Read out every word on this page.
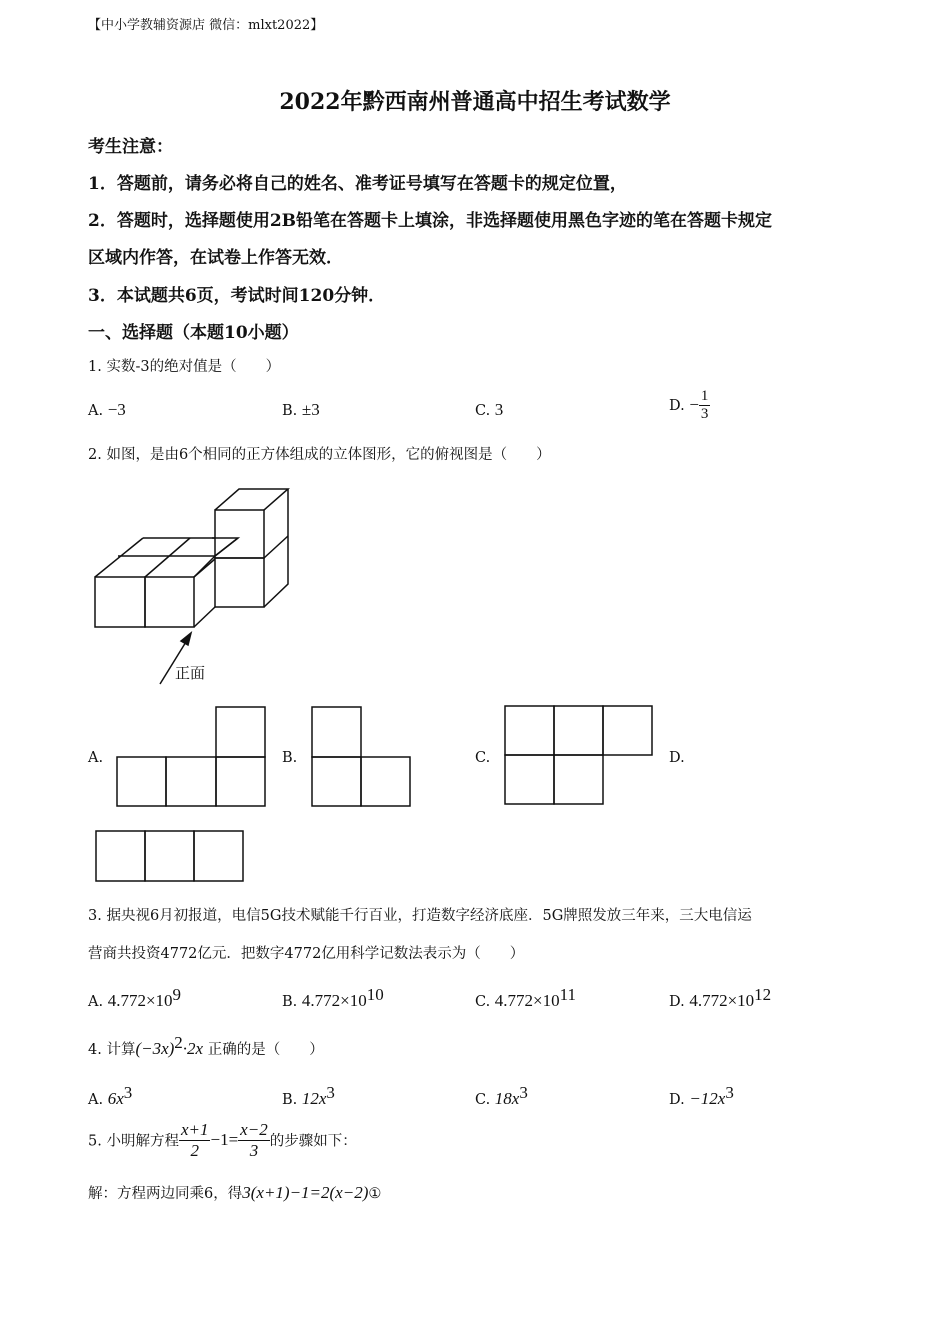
【中小学教辅资源店 微信：mlxt2022】
2022年黔西南州普通高中招生考试数学
考生注意：
1．答题前，请务必将自己的姓名、准考证号填写在答题卡的规定位置，
2．答题时，选择题使用2B铅笔在答题卡上填涂，非选择题使用黑色字迹的笔在答题卡规定
区域内作答，在试卷上作答无效．
3．本试题共6页，考试时间120分钟．
一、选择题（本题10小题）
1. 实数-3的绝对值是（　　）
A. −3	B. ±3	C. 3	D. − $\frac{1}{3}$
2. 如图，是由6个相同的正方体组成的立体图形，它的俯视图是（　　）
正面
A.	B.	C.	D.
3. 据央视6月初报道，电信5G技术赋能千行百业，打造数字经济底座．5G牌照发放三年来，三大电信运
营商共投资4772亿元．把数字4772亿用科学记数法表示为（　　）
A. $4.772\times 10^9$	B. $4.772\times 10^{10}$	C. $4.772\times 10^{11}$	D. $4.772\times 10^{12}$
4. 计算$(-3x)^2\cdot 2x$ 正确的是（　　）
A. $6x^3$	B. $12x^3$	C. $18x^3$	D. $-12x^3$
5. 小明解方程 $\frac{x+1}{2} -1= \frac{x-2}{3}$ 的步骤如下：
解：方程两边同乘6，得3(x+1)−1=2(x−2)①
